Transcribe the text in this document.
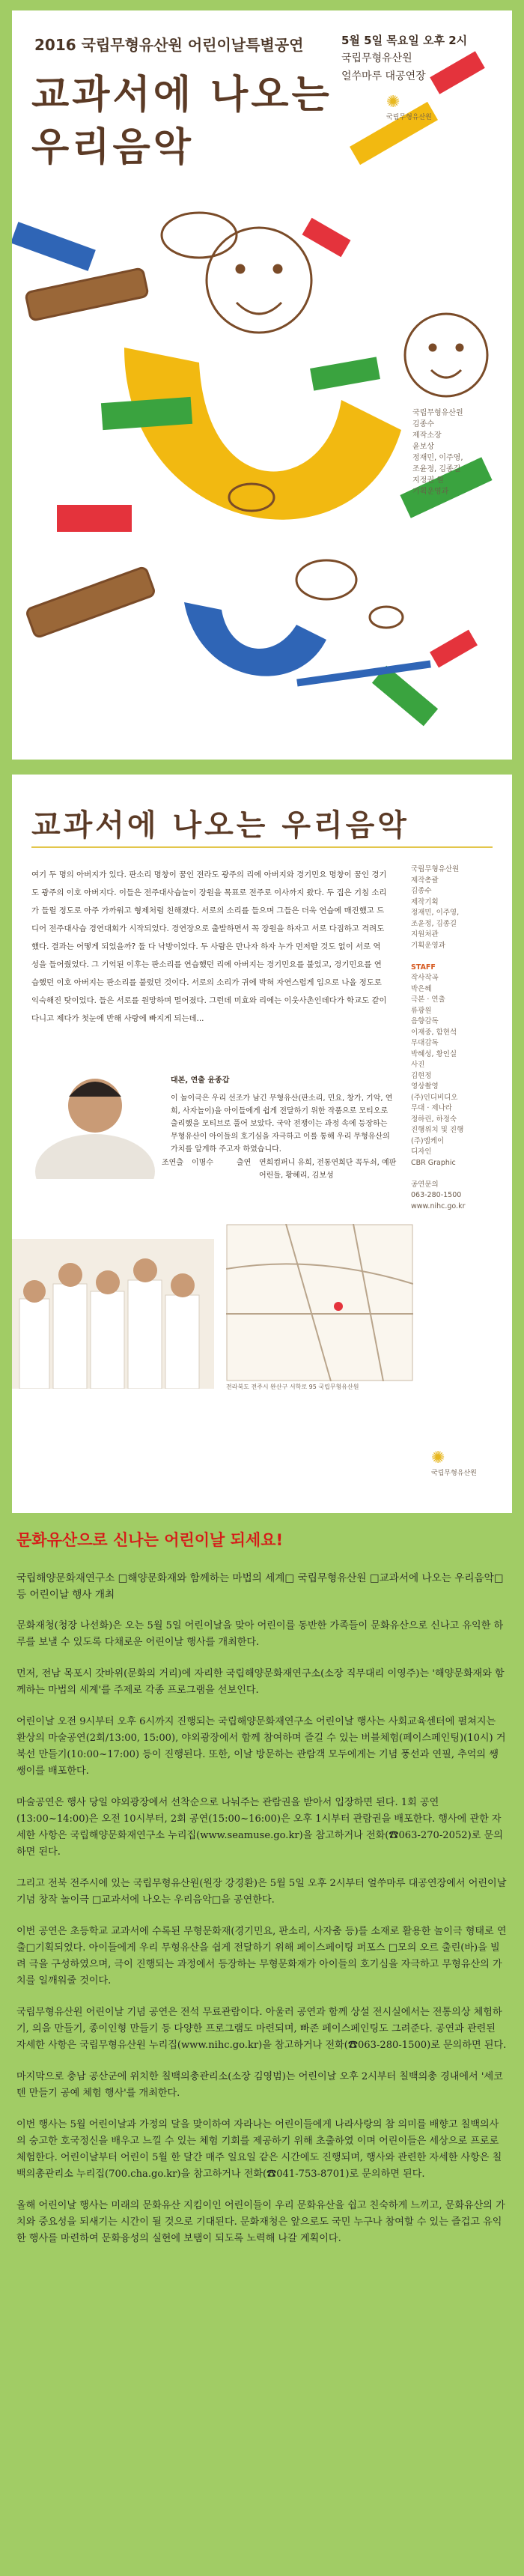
2016 국립무형유산원 어린이날특별공연	5월 5일 목요일 오후 2시
국립무형유산원
얼쑤마루 대공연장
교과서에 나오는
우리음악
✺
국립무형유산원
국립무형유산원
김종수
제작소장
윤보상
정재민, 이주영,
조윤정, 김종길
지정권 원
기획운영과
교과서에 나오는 우리음악
여기 두 명의 아버지가 있다. 판소리 명창이 꿈인 전라도 광주의 리에 아버지와 경기민요 명창이 꿈인 경기도 광주의 이호 아버지다. 이들은 전주대사습놀이 장원을 목표로 전주로 이사까지 왔다. 두 집은 기침 소리가 들릴 정도로 아주 가까워고 형제처럼 친해졌다. 서로의 소리를 들으며 그들은 더욱 연습에 매진했고 드디어 전주대사습 경연대회가 시작되었다. 경연장으로 출발하면서 꼭 장원을 하자고 서로 다짐하고 격려도 했다. 결과는 어떻게 되었을까? 둘 다 낙방이었다. 두 사람은 만나자 하자 누가 먼저랄 것도 없이 서로 역성을 들어줬었다. 그 기억된 이후는 판소리를 연습했던 리에 아버지는 경기민요를 불었고, 경기민요를 연습했던 이호 아버지는 판소리를 불렀던 것이다. 서로의 소리가 귀에 박혀 자연스럽게 입으로 나올 정도로 익숙해진 탓이었다. 들은 서로를 원망하며 멀어졌다. 그런데 미효와 리에는 이웃사촌인데다가 학교도 같이 다니고 제다가 첫눈에 반해 사랑에 빠지게 되는데...
국립무형유산원
제작총괄
김종수
제작기획
정재민, 이주영,
조윤정, 김종길
지원처관
기획운영과

STAFF
작사작곡
박은혜
극본 · 연출
류광원
음향감독
이재중, 함현석
무대감독
박혜성, 황인실
사진
김현정
영상촬영
(주)인디비디오
무대 · 제나라
정하린, 하정숙
진행위치 및 진행
(주)엠케이
디자인
CBR Graphic

공연문의
063-280-1500
www.nihc.go.kr
대본, 연출 윤종갑
이 놀이극은 우리 선조가 남긴 무형유산(판소리, 민요, 창가, 기악, 연희, 사자놀이)을 아이들에게 쉽게 전달하기 위한 작품으로 모티오로 출리했을 모티브로 풀어 보았다. 국악 전쟁이는 과정 속에 등장하는 무형유산이 아이들의 호기심을 자극하고 이를 통해 우리 무형유산의 가치를 알게하 주고자 하였습니다.
조연출 이명수	출연 연희컴퍼니 유희, 전통연희단 꼭두쇠, 예판어린들, 황혜리, 김보성
전라북도 전주시 완산구 서학로 95 국립무형유산원
✺
국립무형유산원
문화유산으로 신나는 어린이날 되세요!

국립해양문화재연구소 □해양문화재와 함께하는 마법의 세계□ 국립무형유산원 □교과서에 나오는 우리음악□ 등 어린이날 행사 개최

문화재청(청장 나선화)은 오는 5월 5일 어린이날을 맞아 어린이를 동반한 가족들이 문화유산으로 신나고 유익한 하루를 보낼 수 있도록 다채로운 어린이날 행사를 개최한다.

먼저, 전남 목포시 갓바위(문화의 거리)에 자리한 국립해양문화재연구소(소장 직무대리 이영주)는 '해양문화재와 함께하는 마법의 세계'를 주제로 각종 프로그램을 선보인다.

어린이날 오전 9시부터 오후 6시까지 진행되는 국립해양문화재연구소 어린이날 행사는 사회교육센터에 펼쳐지는 환상의 마술공연(2회/13:00, 15:00), 야외광장에서 함께 참여하며 즐길 수 있는 버블체험(페이스페인팅)(10시) 거북선 만들기(10:00~17:00) 등이 진행된다. 또한, 이날 방문하는 관람객 모두에게는 기념 풍선과 연필, 추억의 쌩쌩이를 배포한다.

마술공연은 행사 당일 야외광장에서 선착순으로 나눠주는 관람권을 받아서 입장하면 된다. 1회 공연(13:00~14:00)은 오전 10시부터, 2회 공연(15:00~16:00)은 오후 1시부터 관람권을 배포한다. 행사에 관한 자세한 사항은 국립해양문화재연구소 누리집(www.seamuse.go.kr)을 참고하거나 전화(☎063-270-2052)로 문의하면 된다.

그리고 전북 전주시에 있는 국립무형유산원(원장 강경환)은 5월 5일 오후 2시부터 얼쑤마루 대공연장에서 어린이날 기념 창작 놀이극 □교과서에 나오는 우리음악□을 공연한다.

이번 공연은 초등학교 교과서에 수록된 무형문화재(경기민요, 판소리, 사자춤 등)를 소재로 활용한 놀이극 형태로 연출□기획되었다. 아이들에게 우리 무형유산을 쉽게 전달하기 위해 페이스페이팅 퍼포스 □모의 오르 출린(바)을 빌려 극을 구성하였으며, 극이 진행되는 과정에서 등장하는 무형문화재가 아이들의 호기심을 자극하고 무형유산의 가치를 일깨워줄 것이다.

국립무형유산원 어린이날 기념 공연은 전석 무료관람이다. 아울러 공연과 함께 상설 전시실에서는 전통의상 체험하기, 의을 만들기, 종이인형 만들기 등 다양한 프로그램도 마련되며, 빠존 페이스페인팅도 그려준다. 공연과 관련된 자세한 사항은 국립무형유산원 누리집(www.nihc.go.kr)을 참고하거나 전화(☎063-280-1500)로 문의하면 된다.

마지막으로 충남 공산군에 위치한 칠백의총관리소(소장 김영범)는 어린이날 오후 2시부터 칠백의총 경내에서 '세코텐 만들기 공예 체험 행사'를 개최한다.

이번 행사는 5월 어린이날과 가정의 달을 맞이하여 자라나는 어린이들에게 나라사랑의 참 의미를 배향고 칠백의사의 숭고한 호국정신을 배우고 느낄 수 있는 체험 기회를 제공하기 위해 초출하였 이며 어린이들은 세상으로 프로로 체험한다. 어린이날부터 어린이 5월 한 달간 매주 일요일 같은 시간에도 진행되며, 행사와 관련한 자세한 사항은 칠백의총관리소 누리집(700.cha.go.kr)을 참고하거나 전화(☎041-753-8701)로 문의하면 된다.

올해 어린이날 행사는 미래의 문화유산 지킴이인 어린이들이 우리 문화유산을 쉽고 친숙하게 느끼고, 문화유산의 가치와 중요성을 되새기는 시간이 될 것으로 기대된다. 문화재청은 앞으로도 국민 누구나 참여할 수 있는 즐겁고 유익한 행사를 마련하여 문화융성의 실현에 보탬이 되도록 노력해 나갈 계획이다.
